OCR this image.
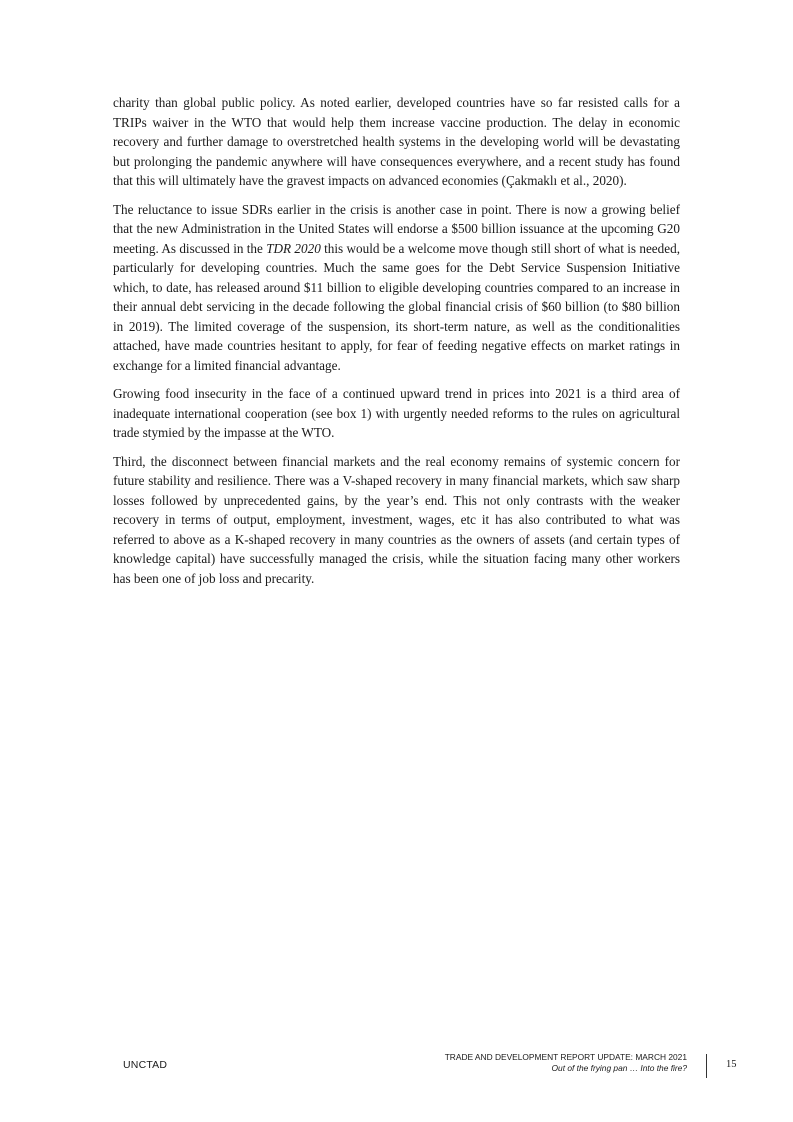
charity than global public policy. As noted earlier, developed countries have so far resisted calls for a TRIPs waiver in the WTO that would help them increase vaccine production. The delay in economic recovery and further damage to overstretched health systems in the developing world will be devastating but prolonging the pandemic anywhere will have consequences everywhere, and a recent study has found that this will ultimately have the gravest impacts on advanced economies (Çakmaklı et al., 2020).

The reluctance to issue SDRs earlier in the crisis is another case in point. There is now a growing belief that the new Administration in the United States will endorse a $500 billion issuance at the upcoming G20 meeting. As discussed in the TDR 2020 this would be a welcome move though still short of what is needed, particularly for developing countries. Much the same goes for the Debt Service Suspension Initiative which, to date, has released around $11 billion to eligible developing countries compared to an increase in their annual debt servicing in the decade following the global financial crisis of $60 billion (to $80 billion in 2019). The limited coverage of the suspension, its short-term nature, as well as the conditionalities attached, have made countries hesitant to apply, for fear of feeding negative effects on market ratings in exchange for a limited financial advantage.

Growing food insecurity in the face of a continued upward trend in prices into 2021 is a third area of inadequate international cooperation (see box 1) with urgently needed reforms to the rules on agricultural trade stymied by the impasse at the WTO.

Third, the disconnect between financial markets and the real economy remains of systemic concern for future stability and resilience. There was a V-shaped recovery in many financial markets, which saw sharp losses followed by unprecedented gains, by the year’s end. This not only contrasts with the weaker recovery in terms of output, employment, investment, wages, etc it has also contributed to what was referred to above as a K-shaped recovery in many countries as the owners of assets (and certain types of knowledge capital) have successfully managed the crisis, while the situation facing many other workers has been one of job loss and precarity.

UNCTAD
TRADE AND DEVELOPMENT REPORT UPDATE: MARCH 2021
Out of the frying pan … Into the fire?	15
